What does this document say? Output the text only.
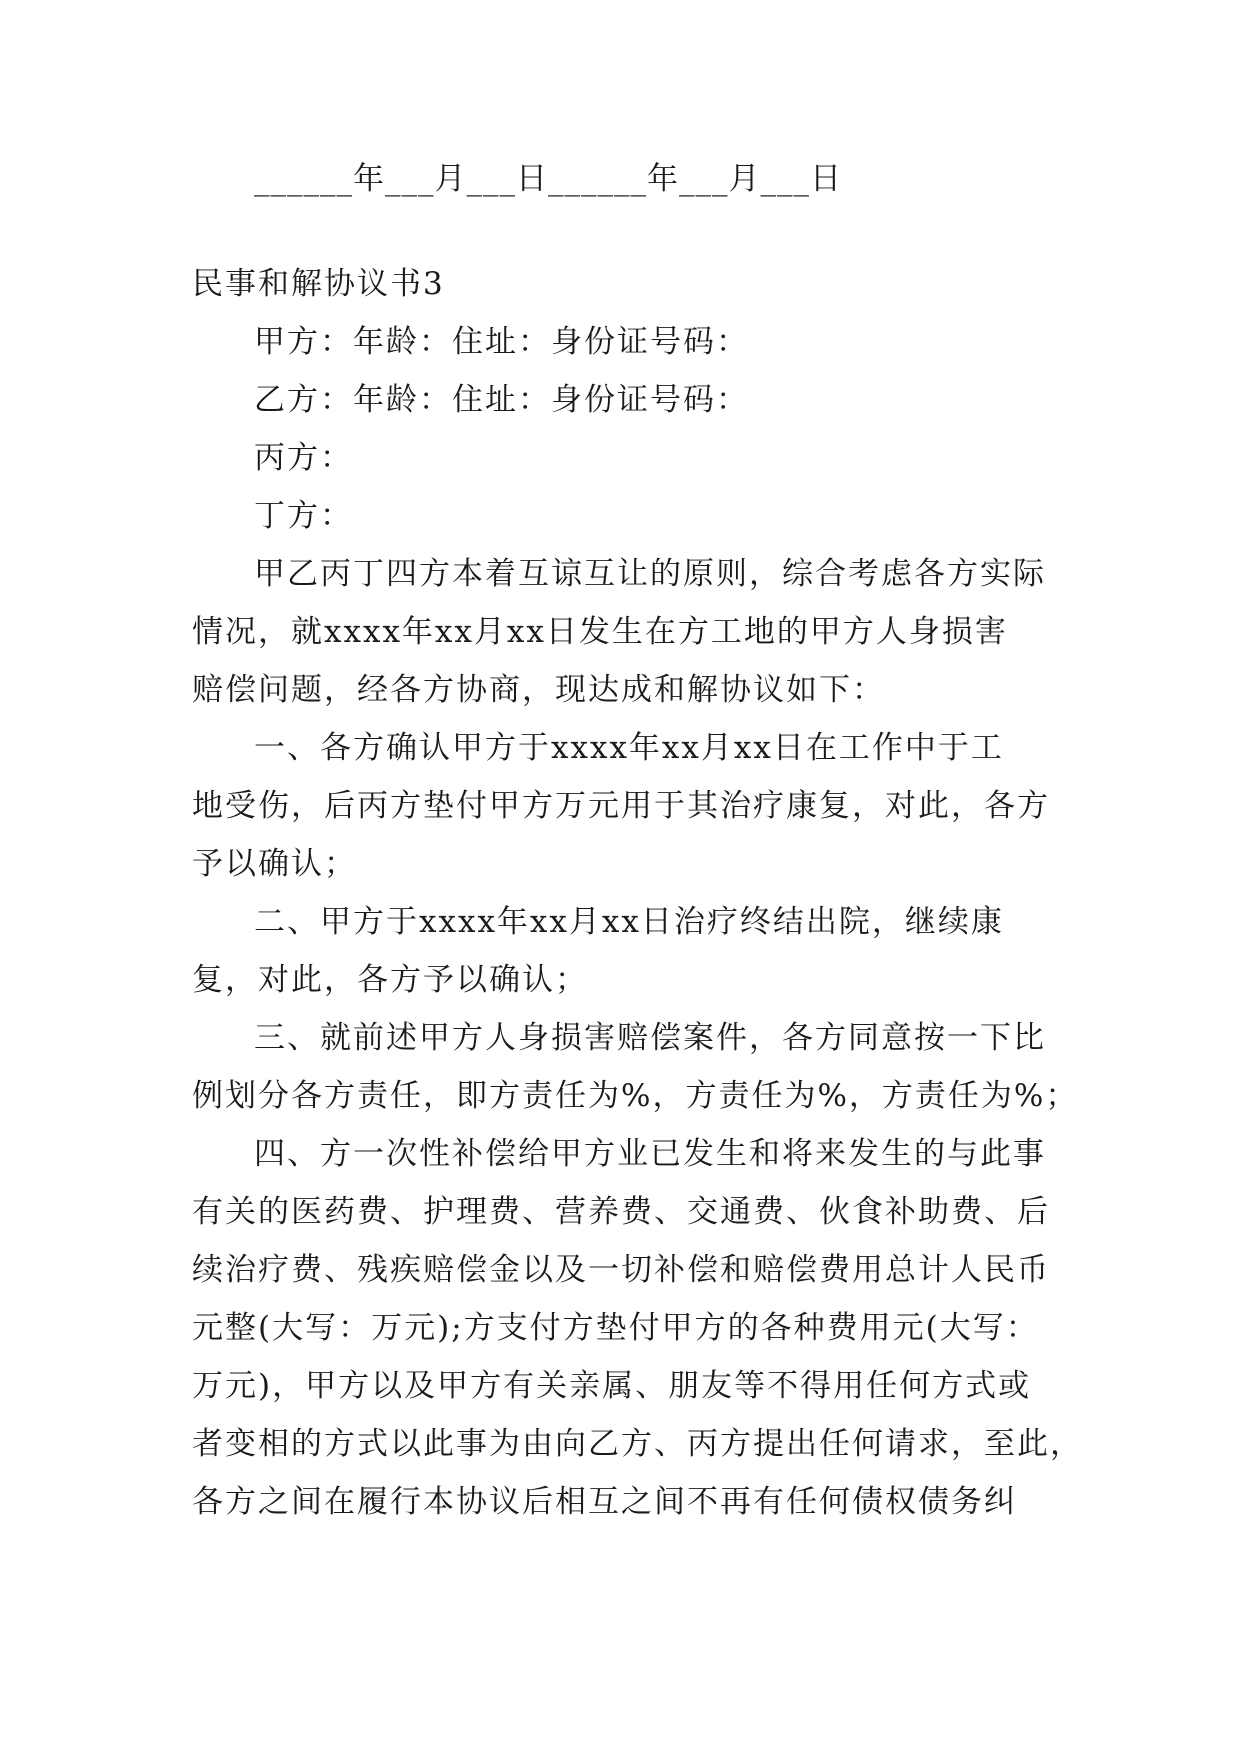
______年___月___日______年___月___日

民事和解协议书3

甲方：年龄：住址：身份证号码：

乙方：年龄：住址：身份证号码：

丙方：

丁方：

甲乙丙丁四方本着互谅互让的原则，综合考虑各方实际

情况，就xxxx年xx月xx日发生在方工地的甲方人身损害

赔偿问题，经各方协商，现达成和解协议如下：

一、各方确认甲方于xxxx年xx月xx日在工作中于工

地受伤，后丙方垫付甲方万元用于其治疗康复，对此，各方

予以确认；

二、甲方于xxxx年xx月xx日治疗终结出院，继续康

复，对此，各方予以确认；

三、就前述甲方人身损害赔偿案件，各方同意按一下比

例划分各方责任，即方责任为%，方责任为%，方责任为%；

四、方一次性补偿给甲方业已发生和将来发生的与此事

有关的医药费、护理费、营养费、交通费、伙食补助费、后

续治疗费、残疾赔偿金以及一切补偿和赔偿费用总计人民币

元整(大写：万元);方支付方垫付甲方的各种费用元(大写：

万元)，甲方以及甲方有关亲属、朋友等不得用任何方式或

者变相的方式以此事为由向乙方、丙方提出任何请求，至此，

各方之间在履行本协议后相互之间不再有任何债权债务纠
